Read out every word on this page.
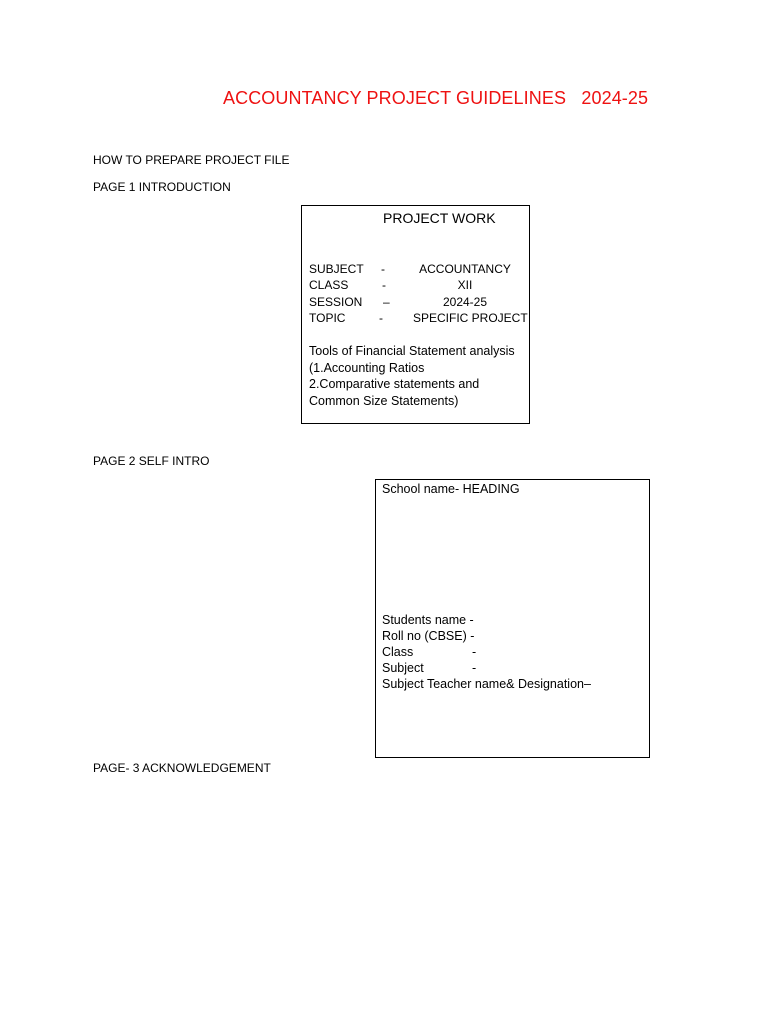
ACCOUNTANCY PROJECT GUIDELINES   2024-25
HOW TO PREPARE PROJECT FILE
PAGE 1 INTRODUCTION
PROJECT WORK
SUBJECT -	ACCOUNTANCY
CLASS	-	XII
SESSION –	2024-25
TOPIC	-	SPECIFIC PROJECT
Tools of Financial Statement analysis
(1.Accounting Ratios
2.Comparative statements and
Common Size Statements)
PAGE 2 SELF INTRO
School name- HEADING
Students name -
Roll no (CBSE) -
Class	-
Subject	-
Subject Teacher name& Designation–
PAGE- 3 ACKNOWLEDGEMENT
